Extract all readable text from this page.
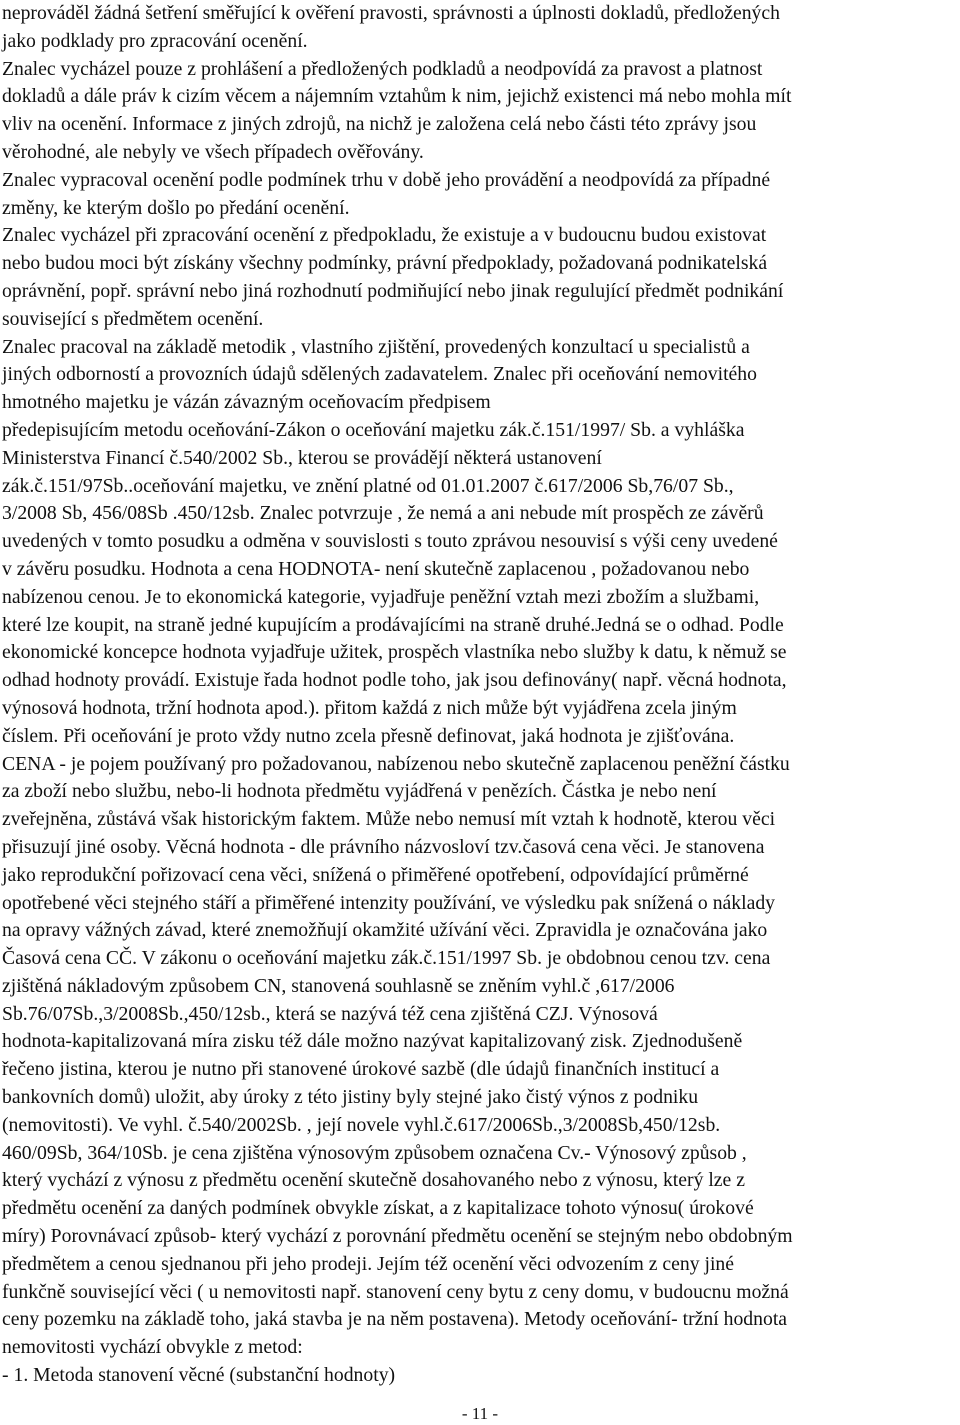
neprováděl žádná šetření směřující k ověření pravosti, správnosti a úplnosti dokladů, předložených
jako podklady pro zpracování ocenění.
Znalec vycházel pouze z prohlášení a předložených podkladů a neodpovídá za pravost a platnost
dokladů a dále práv k cizím věcem a nájemním vztahům k nim, jejichž existenci má nebo mohla mít
vliv na ocenění. Informace z jiných zdrojů, na nichž je založena celá nebo části této zprávy jsou
věrohodné, ale nebyly ve všech případech ověřovány.
Znalec vypracoval ocenění podle podmínek trhu v době jeho provádění a neodpovídá za případné
změny, ke kterým došlo po předání ocenění.
Znalec vycházel při zpracování ocenění z předpokladu, že existuje a v budoucnu budou existovat
nebo budou moci být získány všechny podmínky, právní předpoklady, požadovaná podnikatelská
oprávnění, popř. správní nebo jiná rozhodnutí podmiňující nebo jinak regulující předmět podnikání
související s předmětem ocenění.
Znalec pracoval na základě metodik , vlastního zjištění, provedených konzultací u specialistů a
jiných odborností a provozních údajů sdělených zadavatelem. Znalec při oceňování nemovitého
hmotného majetku je vázán závazným oceňovacím předpisem
předepisujícím metodu oceňování-Zákon o oceňování majetku zák.č.151/1997/ Sb. a vyhláška
Ministerstva Financí č.540/2002 Sb., kterou se provádějí některá ustanovení
zák.č.151/97Sb..oceňování majetku, ve znění platné od 01.01.2007 č.617/2006 Sb,76/07 Sb.,
3/2008 Sb, 456/08Sb .450/12sb. Znalec potvrzuje , že nemá a ani nebude mít prospěch ze závěrů
uvedených v tomto posudku a odměna v souvislosti s touto zprávou nesouvisí s výši ceny uvedené
v závěru posudku. Hodnota a cena HODNOTA- není skutečně zaplacenou , požadovanou nebo
nabízenou cenou. Je to ekonomická kategorie, vyjadřuje peněžní vztah mezi zbožím a službami,
které lze koupit, na straně jedné kupujícím a prodávajícími na straně druhé.Jedná se o odhad. Podle
ekonomické koncepce hodnota vyjadřuje užitek, prospěch vlastníka nebo služby k datu, k němuž se
odhad hodnoty provádí. Existuje řada hodnot podle toho, jak jsou definovány( např. věcná hodnota,
výnosová hodnota, tržní hodnota apod.). přitom každá z nich může být vyjádřena zcela jiným
číslem. Při oceňování je proto vždy nutno zcela přesně definovat, jaká hodnota je zjišťována.
CENA - je pojem používaný pro požadovanou, nabízenou nebo skutečně zaplacenou peněžní částku
za zboží nebo službu, nebo-li hodnota předmětu vyjádřená v penězích. Částka je nebo není
zveřejněna, zůstává však historickým faktem. Může nebo nemusí mít vztah k hodnotě, kterou věci
přisuzují jiné osoby. Věcná hodnota - dle právního názvosloví tzv.časová cena věci. Je stanovena
jako reprodukční pořizovací cena věci, snížená o přiměřené opotřebení, odpovídající průměrné
opotřebené věci stejného stáří a přiměřené intenzity používání, ve výsledku pak snížená o náklady
na opravy vážných závad, které znemožňují okamžité užívání věci. Zpravidla je označována jako
Časová cena CČ. V zákonu o oceňování majetku zák.č.151/1997 Sb. je obdobnou cenou tzv. cena
zjištěná nákladovým způsobem CN, stanovená souhlasně se zněním vyhl.č ,617/2006
Sb.76/07Sb.,3/2008Sb.,450/12sb., která se nazývá též cena zjištěná CZJ. Výnosová
hodnota-kapitalizovaná míra zisku též dále možno nazývat kapitalizovaný zisk. Zjednodušeně
řečeno jistina, kterou je nutno při stanovené úrokové sazbě (dle údajů finančních institucí a
bankovních domů) uložit, aby úroky z této jistiny byly stejné jako čistý výnos z podniku
(nemovitosti). Ve vyhl. č.540/2002Sb. , její novele vyhl.č.617/2006Sb.,3/2008Sb,450/12sb.
460/09Sb, 364/10Sb. je cena zjištěna výnosovým způsobem označena Cv.- Výnosový způsob ,
který vychází z výnosu z předmětu ocenění skutečně dosahovaného nebo z výnosu, který lze z
předmětu ocenění za daných podmínek obvykle získat, a z kapitalizace tohoto výnosu( úrokové
míry) Porovnávací způsob- který vychází z porovnání předmětu ocenění se stejným nebo obdobným
předmětem a cenou sjednanou při jeho prodeji. Jejím též ocenění věci odvozením z ceny jiné
funkčně související věci ( u nemovitosti např. stanovení ceny bytu z ceny domu, v budoucnu možná
ceny pozemku na základě toho, jaká stavba je na něm postavena). Metody oceňování- tržní hodnota
nemovitosti vychází obvykle z metod:
- 1. Metoda stanovení věcné (substanční hodnoty)
- 11 -
